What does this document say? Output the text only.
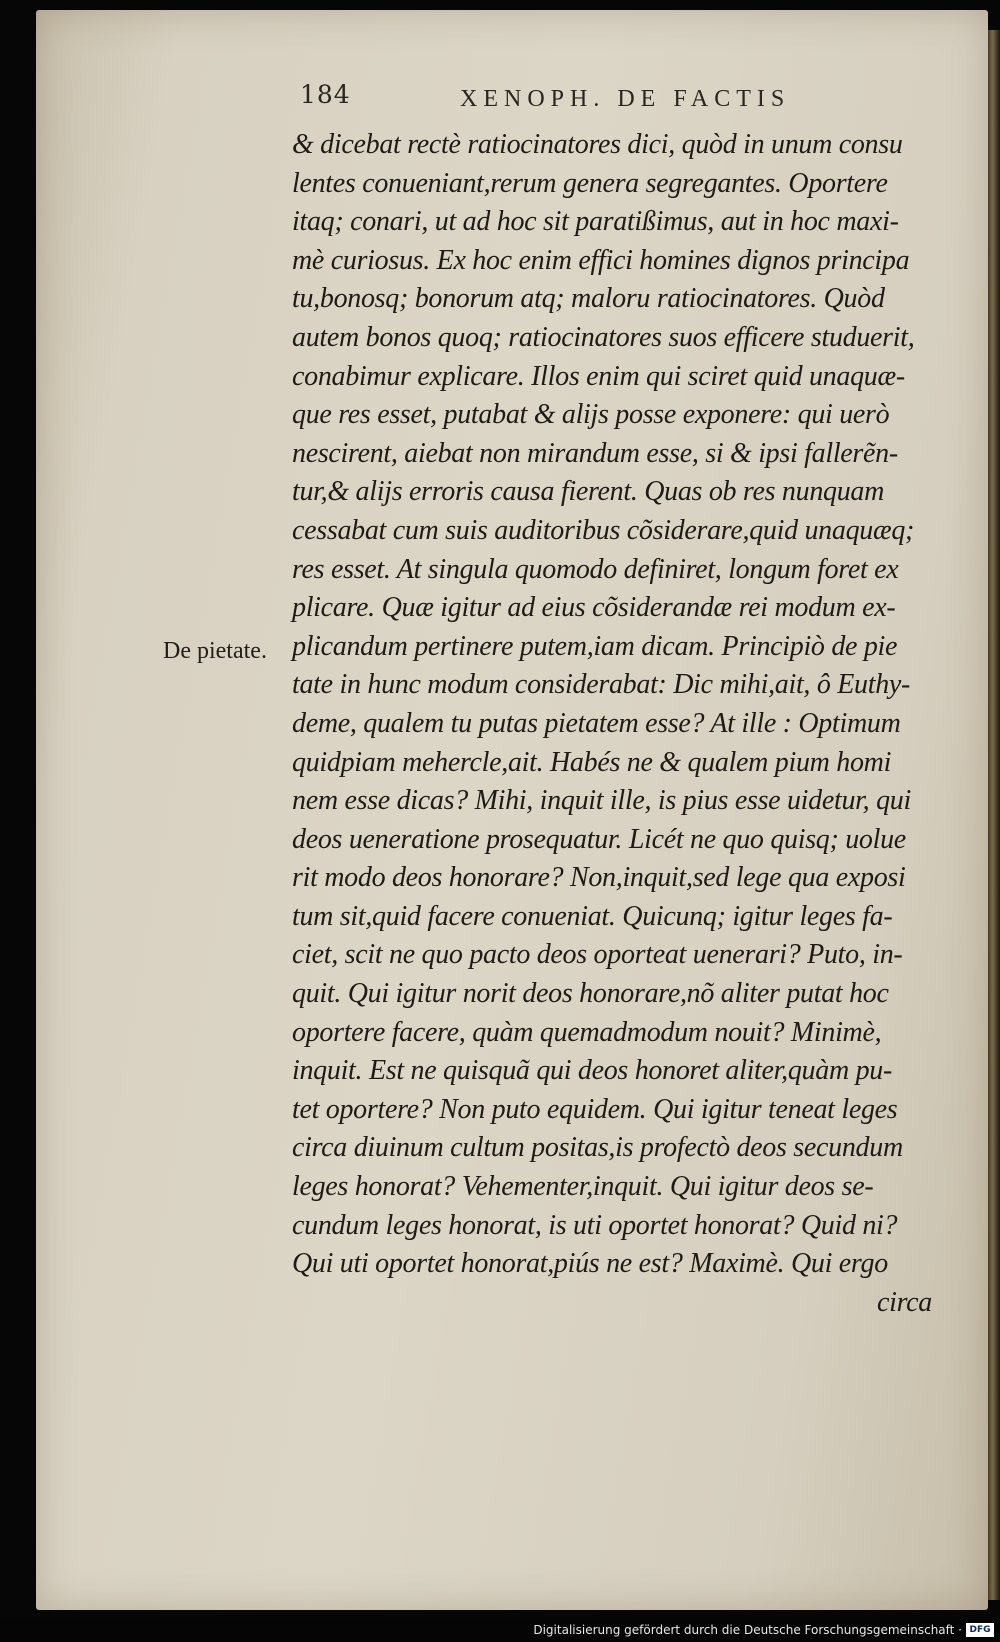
184	XENOPH. DE FACTIS
De pietate.
& dicebat rectè ratiocinatores dici, quòd in unum consu
lentes conueniant,rerum genera segregantes. Oportere
itaq; conari, ut ad hoc sit paratißimus, aut in hoc maxi-
mè curiosus. Ex hoc enim effici homines dignos principa
tu,bonosq; bonorum atq; maloru ratiocinatores. Quòd
autem bonos quoq; ratiocinatores suos efficere studuerit,
conabimur explicare. Illos enim qui sciret quid unaquæ-
que res esset, putabat & alijs posse exponere: qui uerò
nescirent, aiebat non mirandum esse, si & ipsi fallerẽn-
tur,& alijs erroris causa fierent. Quas ob res nunquam
cessabat cum suis auditoribus cõsiderare,quid unaquæq;
res esset. At singula quomodo definiret, longum foret ex
plicare. Quæ igitur ad eius cõsiderandæ rei modum ex-
plicandum pertinere putem,iam dicam. Principiò de pie
tate in hunc modum considerabat: Dic mihi,ait, ô Euthy-
deme, qualem tu putas pietatem esse? At ille : Optimum
quidpiam mehercle,ait. Habés ne & qualem pium homi
nem esse dicas? Mihi, inquit ille, is pius esse uidetur, qui
deos ueneratione prosequatur. Licét ne quo quisq; uolue
rit modo deos honorare? Non,inquit,sed lege qua exposi
tum sit,quid facere conueniat. Quicunq; igitur leges fa-
ciet, scit ne quo pacto deos oporteat uenerari? Puto, in-
quit. Qui igitur norit deos honorare,nõ aliter putat hoc
oportere facere, quàm quemadmodum nouit? Minimè,
inquit. Est ne quisquã qui deos honoret aliter,quàm pu-
tet oportere? Non puto equidem. Qui igitur teneat leges
circa diuinum cultum positas,is profectò deos secundum
leges honorat? Vehementer,inquit. Qui igitur deos se-
cundum leges honorat, is uti oportet honorat? Quid ni?
Qui uti oportet honorat,piús ne est? Maximè. Qui ergo
circa
Digitalisierung gefördert durch die Deutsche Forschungsgemeinschaft · DFG
